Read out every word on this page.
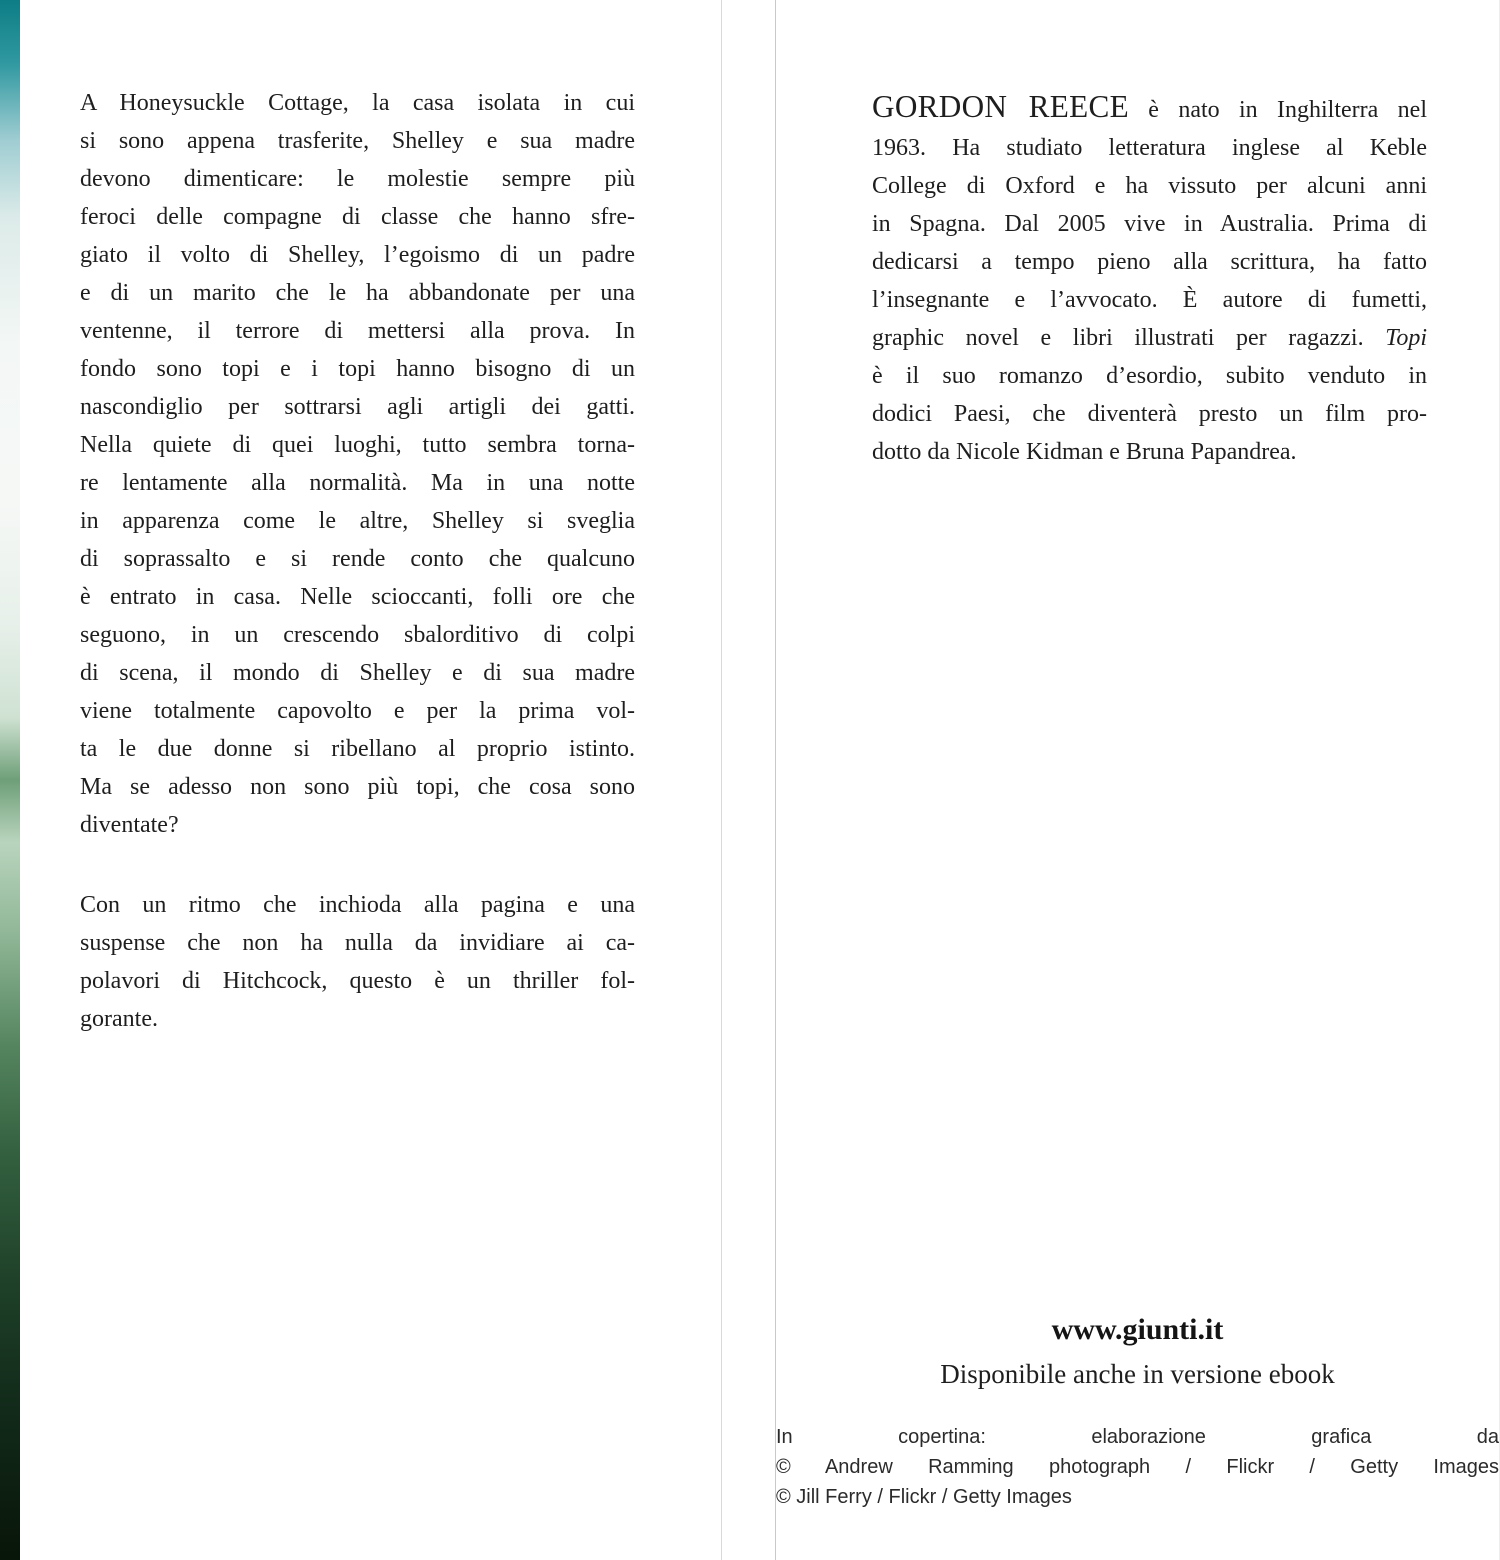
A Honeysuckle Cottage, la casa isolata in cui
si sono appena trasferite, Shelley e sua madre
devono dimenticare: le molestie sempre più
feroci delle compagne di classe che hanno sfre-
giato il volto di Shelley, l’egoismo di un padre
e di un marito che le ha abbandonate per una
ventenne, il terrore di mettersi alla prova. In
fondo sono topi e i topi hanno bisogno di un
nascondiglio per sottrarsi agli artigli dei gatti.
Nella quiete di quei luoghi, tutto sembra torna-
re lentamente alla normalità. Ma in una notte
in apparenza come le altre, Shelley si sveglia
di soprassalto e si rende conto che qualcuno
è entrato in casa. Nelle scioccanti, folli ore che
seguono, in un crescendo sbalorditivo di colpi
di scena, il mondo di Shelley e di sua madre
viene totalmente capovolto e per la prima vol-
ta le due donne si ribellano al proprio istinto.
Ma se adesso non sono più topi, che cosa sono
diventate?
Con un ritmo che inchioda alla pagina e una
suspense che non ha nulla da invidiare ai ca-
polavori di Hitchcock, questo è un thriller fol-
gorante.
GORDON REECE è nato in Inghilterra nel
1963. Ha studiato letteratura inglese al Keble
College di Oxford e ha vissuto per alcuni anni
in Spagna. Dal 2005 vive in Australia. Prima di
dedicarsi a tempo pieno alla scrittura, ha fatto
l’insegnante e l’avvocato. È autore di fumetti,
graphic novel e libri illustrati per ragazzi. Topi
è il suo romanzo d’esordio, subito venduto in
dodici Paesi, che diventerà presto un film pro-
dotto da Nicole Kidman e Bruna Papandrea.
www.giunti.it
Disponibile anche in versione ebook
In copertina: elaborazione grafica da
© Andrew Ramming photograph / Flickr / Getty Images
© Jill Ferry / Flickr / Getty Images
